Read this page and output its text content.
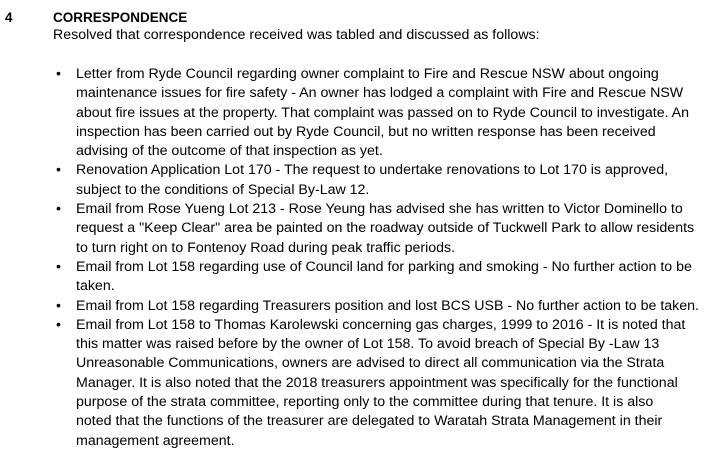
4	CORRESPONDENCE
Resolved that correspondence received was tabled and discussed as follows:
• Letter from Ryde Council regarding owner complaint to Fire and Rescue NSW about ongoing
maintenance issues for fire safety - An owner has lodged a complaint with Fire and Rescue NSW
about fire issues at the property. That complaint was passed on to Ryde Council to investigate. An
inspection has been carried out by Ryde Council, but no written response has been received
advising of the outcome of that inspection as yet.
• Renovation Application Lot 170 - The request to undertake renovations to Lot 170 is approved,
subject to the conditions of Special By-Law 12.
• Email from Rose Yueng Lot 213 - Rose Yeung has advised she has written to Victor Dominello to
request a "Keep Clear" area be painted on the roadway outside of Tuckwell Park to allow residents
to turn right on to Fontenoy Road during peak traffic periods.
• Email from Lot 158 regarding use of Council land for parking and smoking - No further action to be
taken.
• Email from Lot 158 regarding Treasurers position and lost BCS USB - No further action to be taken.
• Email from Lot 158 to Thomas Karolewski concerning gas charges, 1999 to 2016 - It is noted that
this matter was raised before by the owner of Lot 158. To avoid breach of Special By -Law 13
Unreasonable Communications, owners are advised to direct all communication via the Strata
Manager. It is also noted that the 2018 treasurers appointment was specifically for the functional
purpose of the strata committee, reporting only to the committee during that tenure. It is also
noted that the functions of the treasurer are delegated to Waratah Strata Management in their
management agreement.
